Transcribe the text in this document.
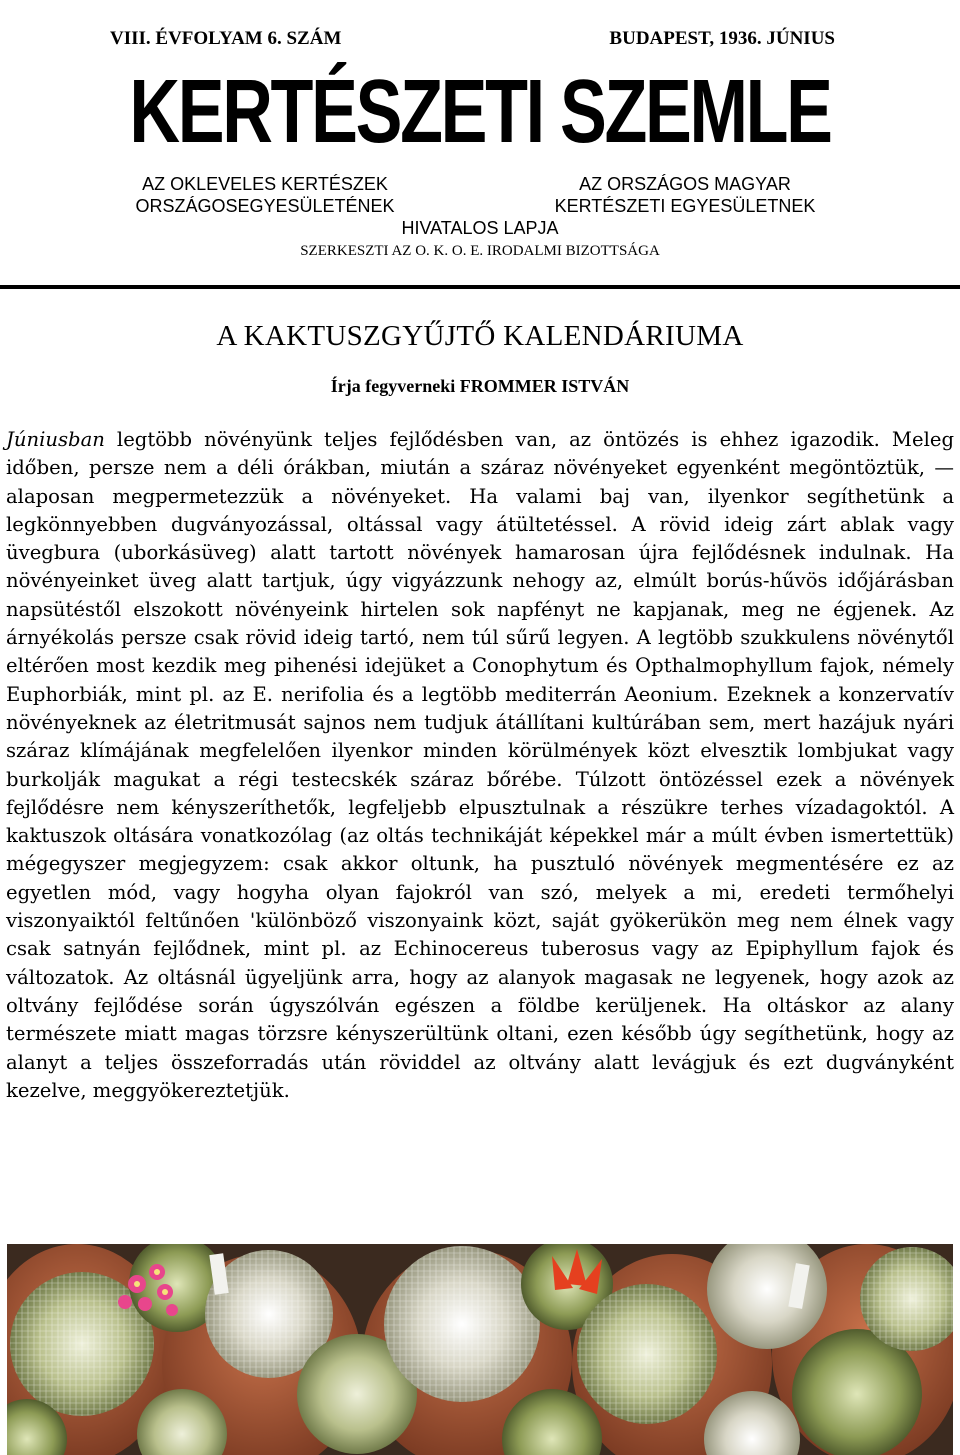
VIII. ÉVFOLYAM 6. SZÁM	BUDAPEST, 1936. JÚNIUS
KERTÉSZETI SZEMLE
AZ OKLEVELES KERTÉSZEK	AZ ORSZÁGOS MAGYAR
ORSZÁGOSEGYESÜLETÉNEK	KERTÉSZETI EGYESÜLETNEK
HIVATALOS LAPJA
SZERKESZTI AZ O. K. O. E. IRODALMI BIZOTTSÁGA
A KAKTUSZGYŰJTŐ KALENDÁRIUMA
Írja fegyverneki FROMMER ISTVÁN

Júniusban legtöbb növényünk teljes fejlődésben van, az öntözés is ehhez igazodik. Meleg időben, persze nem a déli órákban, miután a száraz növényeket egyenként megöntöztük, — alaposan megpermetezzük a növényeket. Ha valami baj van, ilyenkor segíthetünk a legkönnyebben dugványozással, oltással vagy átültetéssel. A rövid ideig zárt ablak vagy üvegbura (uborkásüveg) alatt tartott növények hamarosan újra fejlődésnek indulnak. Ha növényeinket üveg alatt tartjuk, úgy vigyázzunk nehogy az, elmúlt borús-hűvös időjárásban napsütéstől elszokott növényeink hirtelen sok napfényt ne kapjanak, meg ne égjenek. Az árnyékolás persze csak rövid ideig tartó, nem túl sűrű legyen. A legtöbb szukkulens növénytől eltérően most kezdik meg pihenési idejüket a Conophytum és Opthalmophyllum fajok, némely Euphorbiák, mint pl. az E. nerifolia és a legtöbb mediterrán Aeonium. Ezeknek a konzervatív növényeknek az életritmusát sajnos nem tudjuk átállítani kultúrában sem, mert hazájuk nyári száraz klímájának megfelelően ilyenkor minden körülmények közt elvesztik lombjukat vagy burkolják magukat a régi testecskék száraz bőrébe. Túlzott öntözéssel ezek a növények fejlődésre nem kényszeríthetők, legfeljebb elpusztulnak a részükre terhes vízadagoktól. A kaktuszok oltására vonatkozólag (az oltás technikáját képekkel már a múlt évben ismertettük) mégegyszer megjegyzem: csak akkor oltunk, ha pusztuló növények megmentésére ez az egyetlen mód, vagy hogyha olyan fajokról van szó, melyek a mi, eredeti termőhelyi viszonyaiktól feltűnően 'különböző viszonyaink közt, saját gyökerükön meg nem élnek vagy csak satnyán fejlődnek, mint pl. az Echinocereus tuberosus vagy az Epiphyllum fajok és változatok. Az oltásnál ügyeljünk arra, hogy az alanyok magasak ne legyenek, hogy azok az oltvány fejlődése során úgyszólván egészen a földbe kerüljenek. Ha oltáskor az alany természete miatt magas törzsre kényszerültünk oltani, ezen később úgy segíthetünk, hogy az alanyt a teljes összeforradás után röviddel az oltvány alatt levágjuk és ezt dugványként kezelve, meggyökereztetjük.
